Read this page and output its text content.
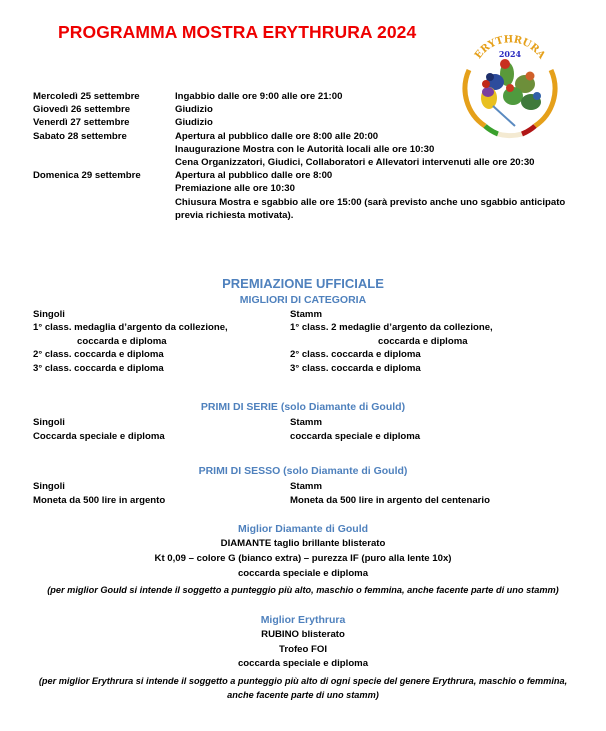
PROGRAMMA MOSTRA ERYTHRURA 2024
ERYTHRURA
2024
Mercoledì 25 settembre	Ingabbio dalle ore 9:00 alle ore 21:00
Giovedì 26 settembre	Giudizio
Venerdì 27 settembre	Giudizio
Sabato 28 settembre	Apertura al pubblico dalle ore 8:00 alle 20:00
Inaugurazione Mostra con le Autorità locali alle ore 10:30
Cena Organizzatori, Giudici, Collaboratori e Allevatori intervenuti alle ore 20:30
Domenica 29 settembre	Apertura al pubblico dalle ore 8:00
Premiazione alle ore 10:30
Chiusura Mostra e sgabbio alle ore 15:00 (sarà previsto anche uno sgabbio anticipato previa richiesta motivata).
PREMIAZIONE UFFICIALE
MIGLIORI DI CATEGORIA
Singoli	Stamm
1° class. medaglia d’argento da collezione,	1° class. 2 medaglie d’argento da collezione,
coccarda e diploma	coccarda e diploma
2° class. coccarda e diploma	2° class. coccarda e diploma
3° class. coccarda e diploma	3° class. coccarda e diploma
PRIMI DI SERIE (solo Diamante di Gould)
Singoli	Stamm
Coccarda speciale e diploma	coccarda speciale e diploma
PRIMI DI SESSO (solo Diamante di Gould)
Singoli	Stamm
Moneta da 500 lire in argento	Moneta da 500 lire in argento del centenario
Miglior Diamante di Gould
DIAMANTE taglio brillante blisterato
Kt 0,09 – colore G (bianco extra) – purezza IF (puro alla lente 10x)
coccarda speciale e diploma
(per miglior Gould si intende il soggetto a punteggio più alto, maschio o femmina, anche facente parte di uno stamm)
Miglior Erythrura
RUBINO blisterato
Trofeo FOI
coccarda speciale e diploma
(per miglior Erythrura si intende il soggetto a punteggio più alto di ogni specie del genere Erythrura, maschio o femmina, anche facente parte di uno stamm)
